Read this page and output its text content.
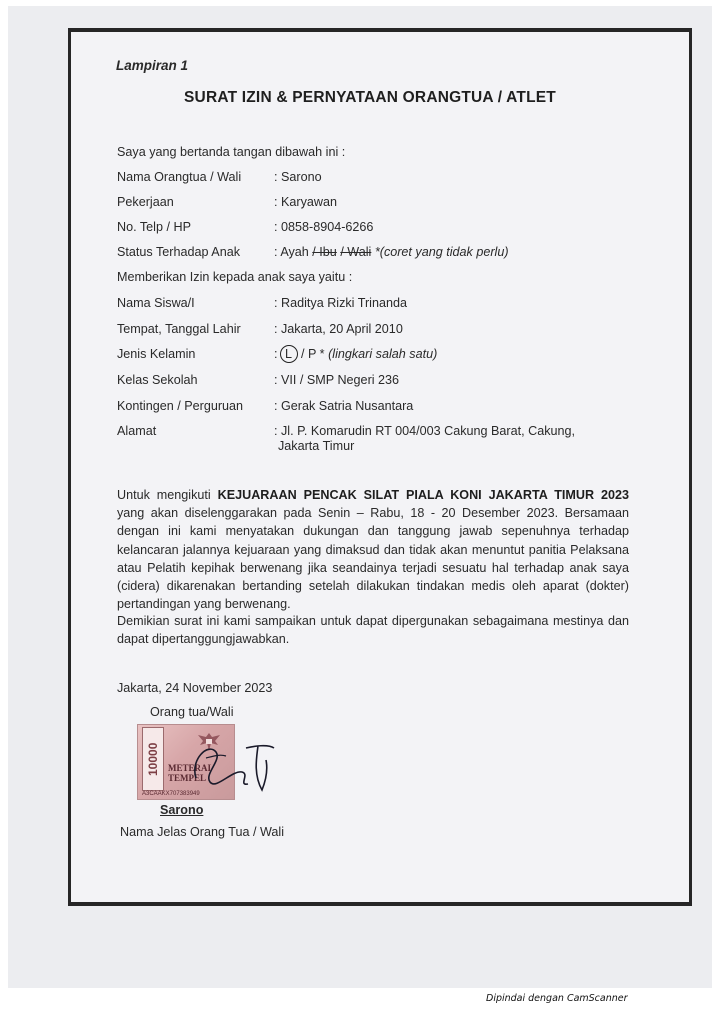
Lampiran 1
SURAT IZIN & PERNYATAAN ORANGTUA / ATLET
Saya yang bertanda tangan dibawah ini :
Nama Orangtua / Wali	: Sarono
Pekerjaan	: Karyawan
No. Telp / HP	: 0858-8904-6266
Status Terhadap Anak	: Ayah / Ibu / Wali *(coret yang tidak perlu)
Memberikan Izin kepada anak saya yaitu :
Nama Siswa/I	: Raditya Rizki Trinanda
Tempat, Tanggal Lahir	: Jakarta, 20 April 2010
Jenis Kelamin	: L / P * (lingkari salah satu)
Kelas Sekolah	: VII / SMP Negeri 236
Kontingen / Perguruan : Gerak Satria Nusantara
Alamat	: Jl. P. Komarudin RT 004/003 Cakung Barat, Cakung,
Jakarta Timur
Untuk mengikuti KEJUARAAN PENCAK SILAT PIALA KONI JAKARTA TIMUR 2023 yang akan diselenggarakan pada Senin – Rabu, 18 - 20 Desember 2023. Bersamaan dengan ini kami menyatakan dukungan dan tanggung jawab sepenuhnya terhadap kelancaran jalannya kejuaraan yang dimaksud dan tidak akan menuntut panitia Pelaksana atau Pelatih kepihak berwenang jika seandainya terjadi sesuatu hal terhadap anak saya (cidera) dikarenakan bertanding setelah dilakukan tindakan medis oleh aparat (dokter) pertandingan yang berwenang.
Demikian surat ini kami sampaikan untuk dapat dipergunakan sebagaimana mestinya dan dapat dipertanggungjawabkan.
Jakarta, 24 November 2023
Orang tua/Wali
10000 METERAI
TEMPEL
A3CAAKX707383949
Sarono
Nama Jelas Orang Tua / Wali
Dipindai dengan CamScanner
